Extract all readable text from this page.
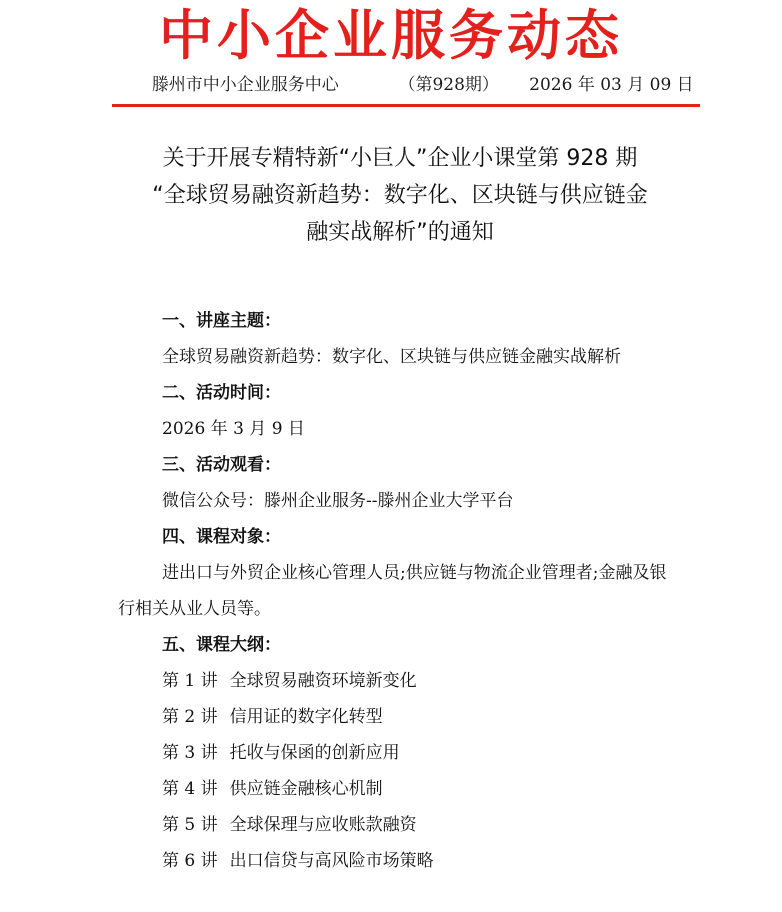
中小企业服务动态
滕州市中小企业服务中心	（第928期） 2026 年 03 月 09 日
关于开展专精特新“小巨人”企业小课堂第 928 期
“全球贸易融资新趋势：数字化、区块链与供应链金
融实战解析”的通知
一、讲座主题：
全球贸易融资新趋势：数字化、区块链与供应链金融实战解析
二、活动时间：
2026 年 3 月 9 日
三、活动观看：
微信公众号：滕州企业服务--滕州企业大学平台
四、课程对象：
进出口与外贸企业核心管理人员;供应链与物流企业管理者;金融及银行相关从业人员等。
五、课程大纲：
第 1 讲 全球贸易融资环境新变化
第 2 讲 信用证的数字化转型
第 3 讲 托收与保函的创新应用
第 4 讲 供应链金融核心机制
第 5 讲 全球保理与应收账款融资
第 6 讲 出口信贷与高风险市场策略
